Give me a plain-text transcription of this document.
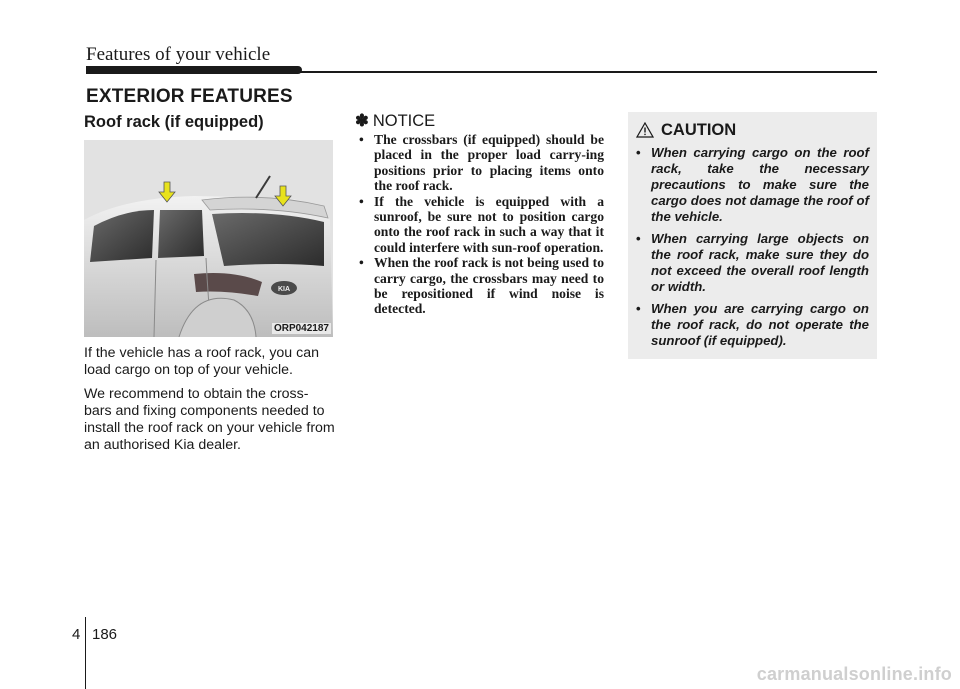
Features of your vehicle
EXTERIOR FEATURES
Roof rack (if equipped)
KIA
ORP042187
If the vehicle has a roof rack, you can load cargo on top of your vehicle.
We recommend to obtain the cross-bars and fixing components needed to install the roof rack on your vehicle from an authorised Kia dealer.
✽ NOTICE
• The crossbars (if equipped) should be placed in the proper load carry-ing positions prior to placing items onto the roof rack.
• If the vehicle is equipped with a sunroof, be sure not to position cargo onto the roof rack in such a way that it could interfere with sun-roof operation.
• When the roof rack is not being used to carry cargo, the crossbars may need to be repositioned if wind noise is detected.
CAUTION
• When carrying cargo on the roof rack, take the necessary precautions to make sure the cargo does not damage the roof of the vehicle.
• When carrying large objects on the roof rack, make sure they do not exceed the overall roof length or width.
• When you are carrying cargo on the roof rack, do not operate the sunroof (if equipped).
4 186
carmanualsonline.info
